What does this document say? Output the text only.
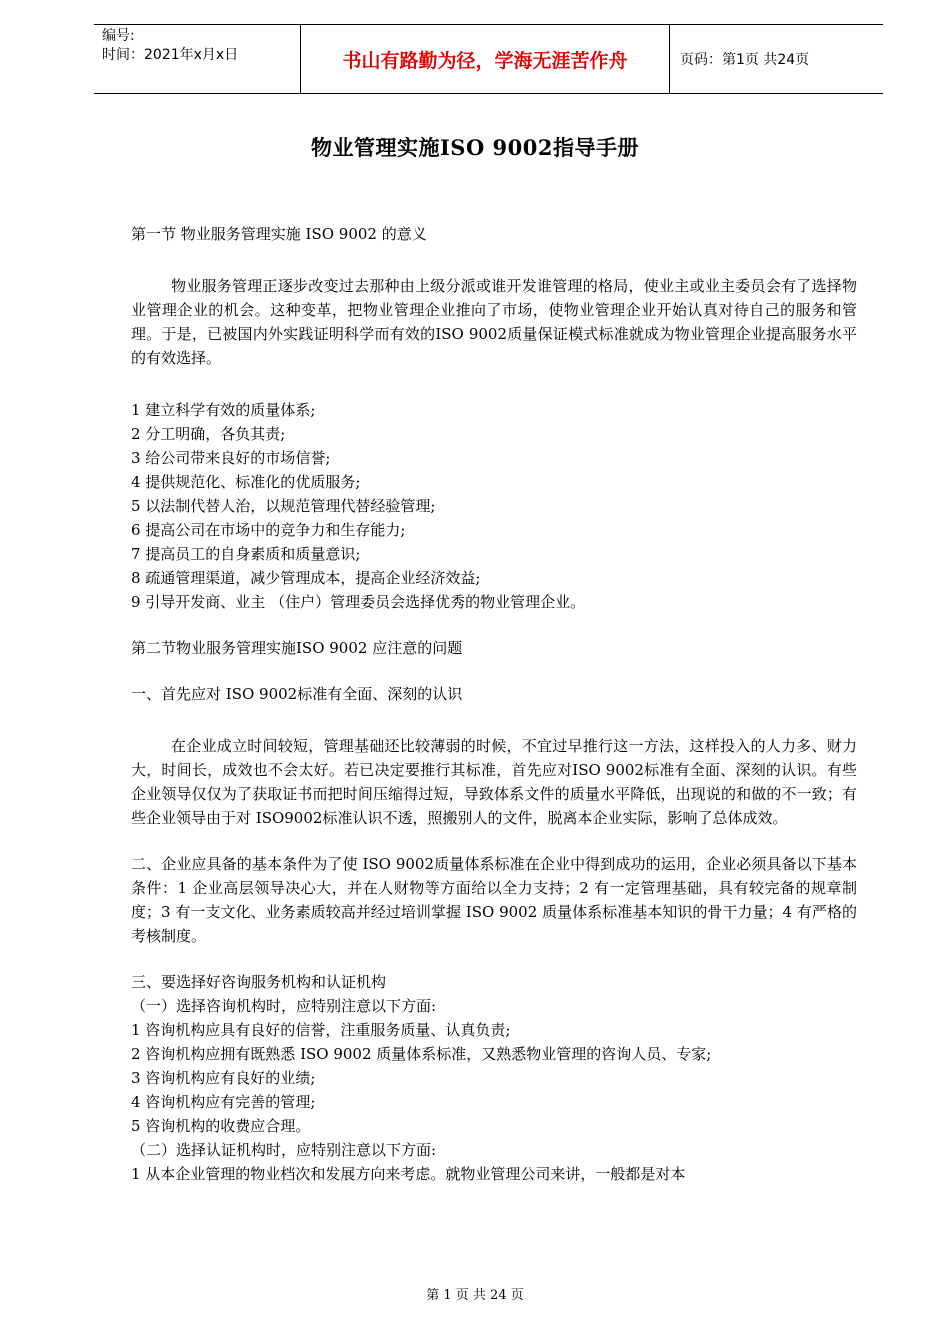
编号:
时间：2021年x月x日	书山有路勤为径，学海无涯苦作舟	页码：第1页 共24页
物业管理实施ISO 9002指导手册

第一节 物业服务管理实施 ISO 9002 的意义

物业服务管理正逐步改变过去那种由上级分派或谁开发谁管理的格局，使业主或业主委员会有了选择物业管理企业的机会。这种变革，把物业管理企业推向了市场，使物业管理企业开始认真对待自己的服务和管理。于是，已被国内外实践证明科学而有效的ISO 9002质量保证模式标准就成为物业管理企业提高服务水平的有效选择。

1 建立科学有效的质量体系;

2 分工明确，各负其责;

3 给公司带来良好的市场信誉;

4 提供规范化、标准化的优质服务;

5 以法制代替人治，以规范管理代替经验管理;

6 提高公司在市场中的竞争力和生存能力;

7 提高员工的自身素质和质量意识;

8 疏通管理渠道，减少管理成本，提高企业经济效益;

9 引导开发商、业主 （住户）管理委员会选择优秀的物业管理企业。

第二节物业服务管理实施ISO 9002 应注意的问题

一、首先应对 ISO 9002标准有全面、深刻的认识

在企业成立时间较短，管理基础还比较薄弱的时候，不宜过早推行这一方法，这样投入的人力多、财力大，时间长，成效也不会太好。若已决定要推行其标准，首先应对ISO 9002标准有全面、深刻的认识。有些企业领导仅仅为了获取证书而把时间压缩得过短，导致体系文件的质量水平降低，出现说的和做的不一致；有些企业领导由于对 ISO9002标准认识不透，照搬别人的文件，脱离本企业实际，影响了总体成效。

二、企业应具备的基本条件为了使 ISO 9002质量体系标准在企业中得到成功的运用，企业必须具备以下基本条件：1 企业高层领导决心大，并在人财物等方面给以全力支持；2 有一定管理基础，具有较完备的规章制度；3 有一支文化、业务素质较高并经过培训掌握 ISO 9002 质量体系标准基本知识的骨干力量；4 有严格的考核制度。

三、要选择好咨询服务机构和认证机构

（一）选择咨询机构时，应特别注意以下方面:

1 咨询机构应具有良好的信誉，注重服务质量、认真负责;

2 咨询机构应拥有既熟悉 ISO 9002 质量体系标准，又熟悉物业管理的咨询人员、专家;

3 咨询机构应有良好的业绩;

4 咨询机构应有完善的管理;

5 咨询机构的收费应合理。

（二）选择认证机构时，应特别注意以下方面:

1 从本企业管理的物业档次和发展方向来考虑。就物业管理公司来讲，一般都是对本

第 1 页 共 24 页
